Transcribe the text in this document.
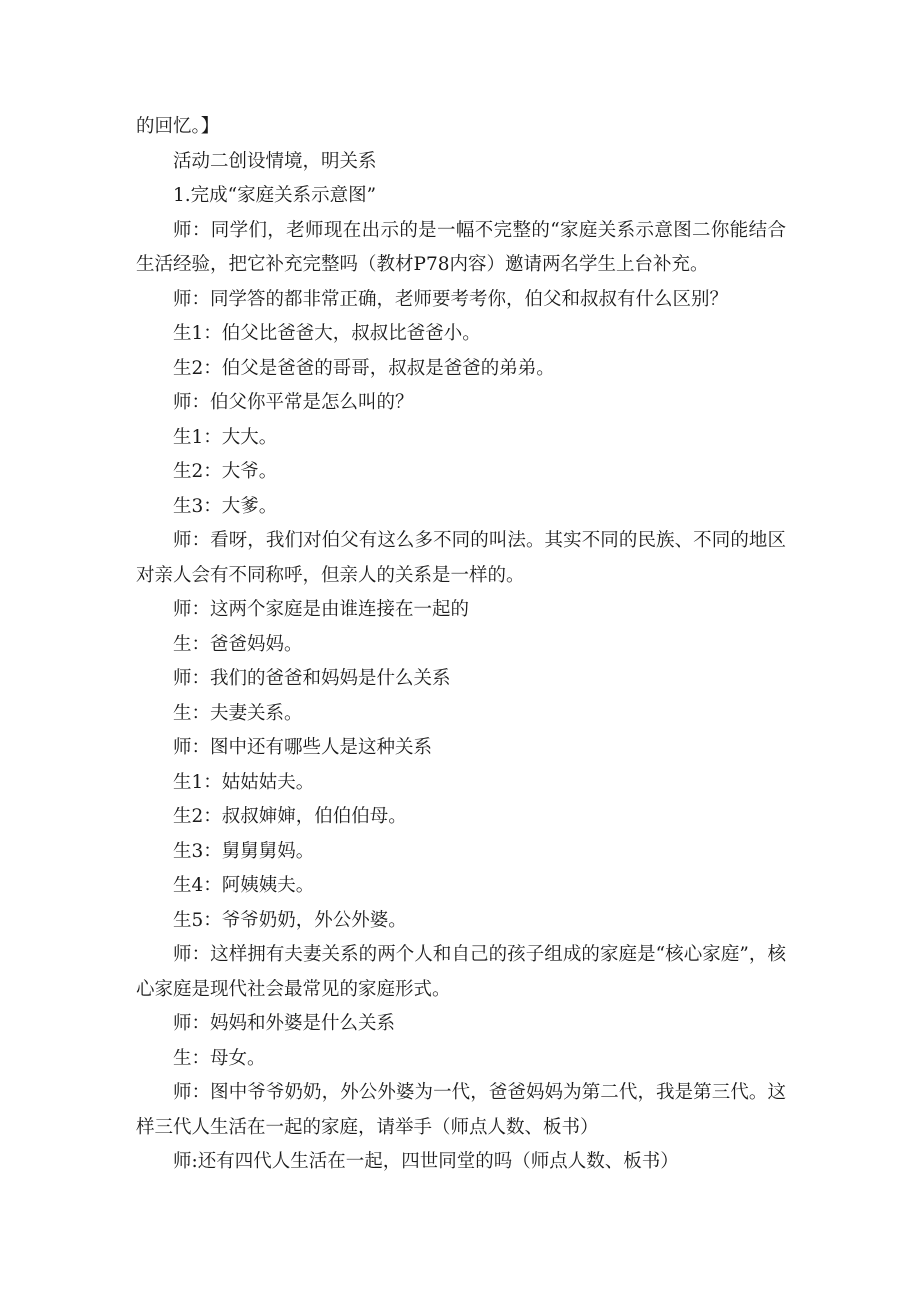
的回忆。】

活动二创设情境，明关系

1.完成“家庭关系示意图”

师：同学们，老师现在出示的是一幅不完整的“家庭关系示意图二你能结合生活经验，把它补充完整吗（教材P78内容）邀请两名学生上台补充。

师：同学答的都非常正确，老师要考考你，伯父和叔叔有什么区别？

生1：伯父比爸爸大，叔叔比爸爸小。

生2：伯父是爸爸的哥哥，叔叔是爸爸的弟弟。

师：伯父你平常是怎么叫的？

生1：大大。

生2：大爷。

生3：大爹。

师：看呀，我们对伯父有这么多不同的叫法。其实不同的民族、不同的地区对亲人会有不同称呼，但亲人的关系是一样的。

师：这两个家庭是由谁连接在一起的

生：爸爸妈妈。

师：我们的爸爸和妈妈是什么关系

生：夫妻关系。

师：图中还有哪些人是这种关系

生1：姑姑姑夫。

生2：叔叔婶婶，伯伯伯母。

生3：舅舅舅妈。

生4：阿姨姨夫。

生5：爷爷奶奶，外公外婆。

师：这样拥有夫妻关系的两个人和自己的孩子组成的家庭是“核心家庭”，核心家庭是现代社会最常见的家庭形式。

师：妈妈和外婆是什么关系

生：母女。

师：图中爷爷奶奶，外公外婆为一代，爸爸妈妈为第二代，我是第三代。这样三代人生活在一起的家庭，请举手（师点人数、板书）

师:还有四代人生活在一起，四世同堂的吗（师点人数、板书）
